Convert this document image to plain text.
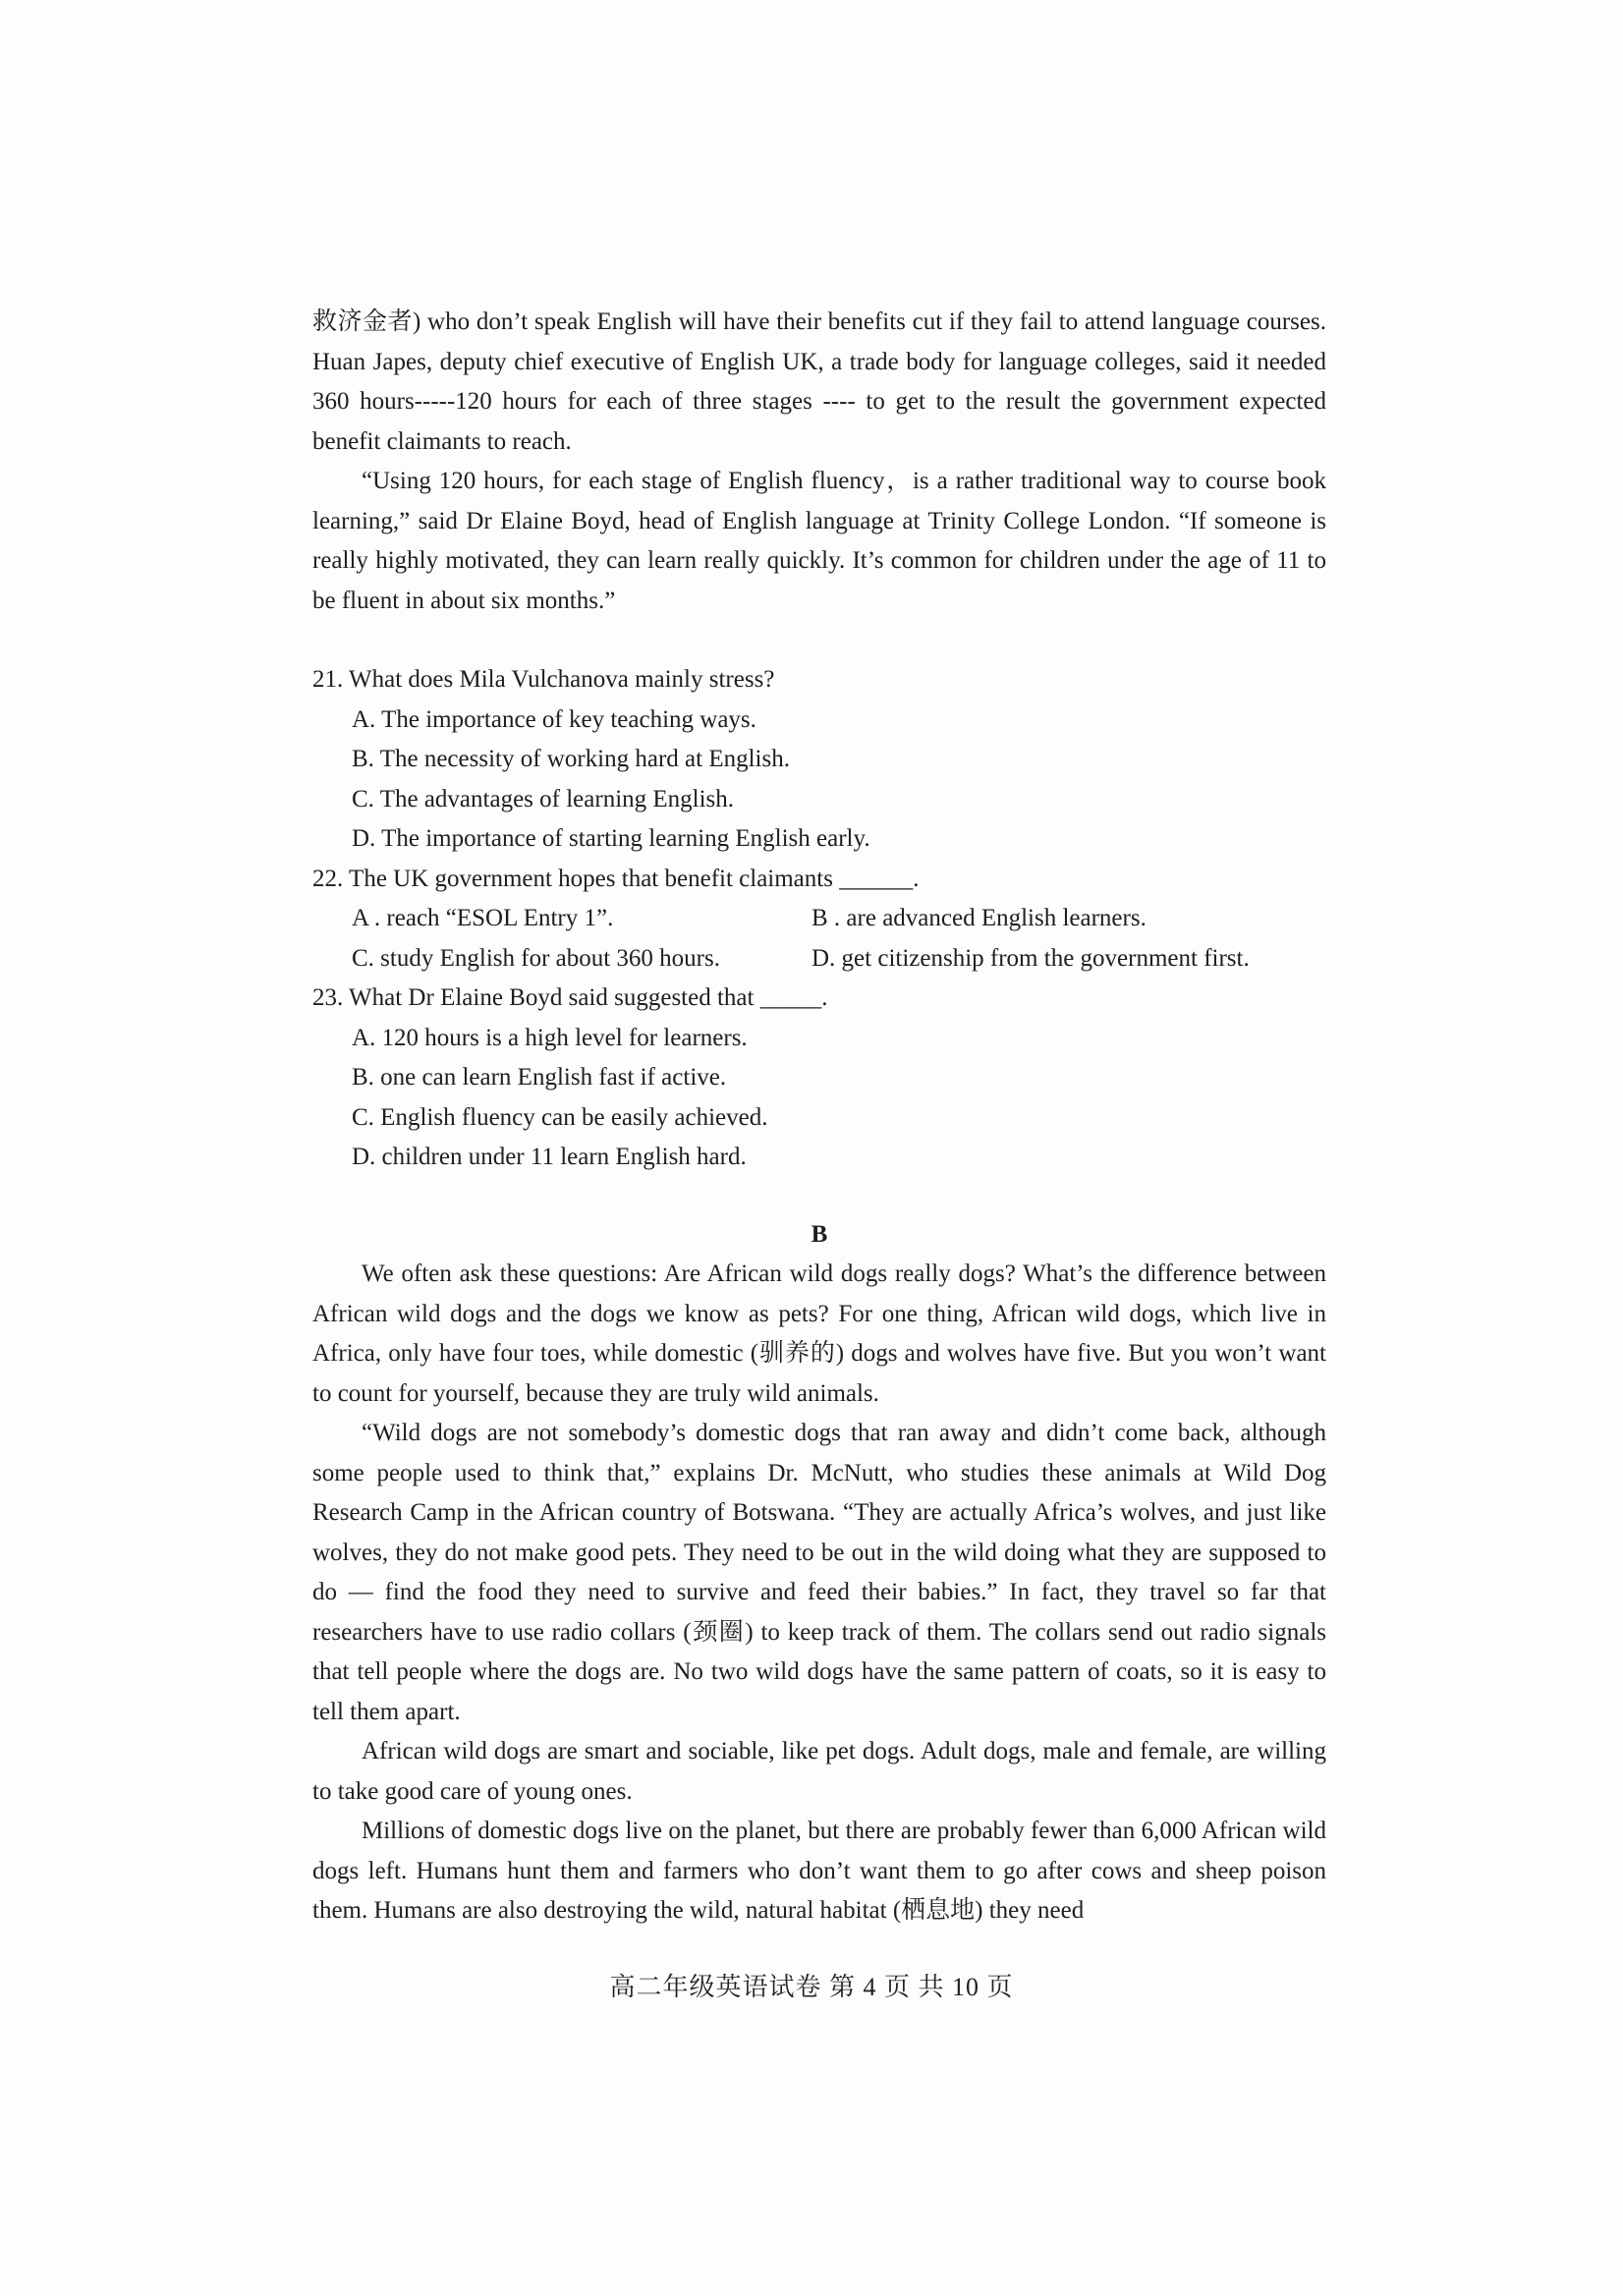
救济金者) who don’t speak English will have their benefits cut if they fail to attend language courses. Huan Japes, deputy chief executive of English UK, a trade body for language colleges, said it needed 360 hours-----120 hours for each of three stages ---- to get to the result the government expected benefit claimants to reach.

“Using 120 hours, for each stage of English fluency，is a rather traditional way to course book learning,” said Dr Elaine Boyd, head of English language at Trinity College London. “If someone is really highly motivated, they can learn really quickly. It’s common for children under the age of 11 to be fluent in about six months.”

21. What does Mila Vulchanova mainly stress?

A. The importance of key teaching ways.

B. The necessity of working hard at English.

C. The advantages of learning English.

D. The importance of starting learning English early.

22. The UK government hopes that benefit claimants ______.

A . reach “ESOL Entry 1”.	B . are advanced English learners.
C. study English for about 360 hours.	D. get citizenship from the government first.

23. What Dr Elaine Boyd said suggested that _____.

A. 120 hours is a high level for learners.

B. one can learn English fast if active.

C. English fluency can be easily achieved.

D. children under 11 learn English hard.

B

We often ask these questions: Are African wild dogs really dogs? What’s the difference between African wild dogs and the dogs we know as pets? For one thing, African wild dogs, which live in Africa, only have four toes, while domestic (驯养的) dogs and wolves have five. But you won’t want to count for yourself, because they are truly wild animals.

“Wild dogs are not somebody’s domestic dogs that ran away and didn’t come back, although some people used to think that,” explains Dr. McNutt, who studies these animals at Wild Dog Research Camp in the African country of Botswana. “They are actually Africa’s wolves, and just like wolves, they do not make good pets. They need to be out in the wild doing what they are supposed to do — find the food they need to survive and feed their babies.” In fact, they travel so far that researchers have to use radio collars (颈圈) to keep track of them. The collars send out radio signals that tell people where the dogs are. No two wild dogs have the same pattern of coats, so it is easy to tell them apart.

African wild dogs are smart and sociable, like pet dogs. Adult dogs, male and female, are willing to take good care of young ones.

Millions of domestic dogs live on the planet, but there are probably fewer than 6,000 African wild dogs left. Humans hunt them and farmers who don’t want them to go after cows and sheep poison them. Humans are also destroying the wild, natural habitat (栖息地) they need

高二年级英语试卷 第 4 页 共 10 页
